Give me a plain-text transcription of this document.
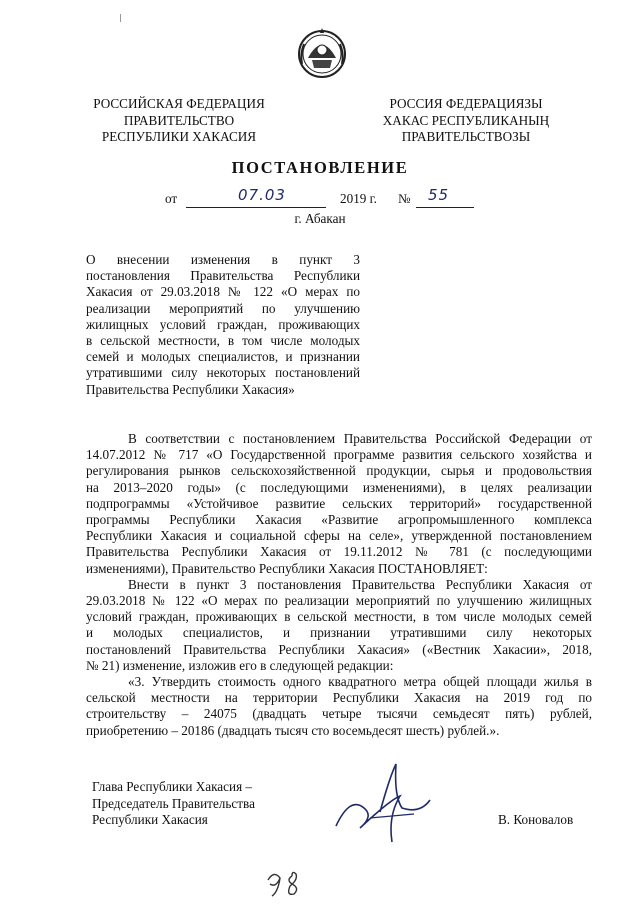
РОССИЙСКАЯ ФЕДЕРАЦИЯ
ПРАВИТЕЛЬСТВО
РЕСПУБЛИКИ ХАКАСИЯ
РОССИЯ ФЕДЕРАЦИЯЗЫ
ХАКАС РЕСПУБЛИКАНЫҢ
ПРАВИТЕЛЬСТВОЗЫ
ПОСТАНОВЛЕНИЕ
от	07.03	2019 г. № 55
г. Абакан
О внесении изменения в пункт 3
постановления Правительства Республики
Хакасия от 29.03.2018 № 122 «О мерах по
реализации мероприятий по улучшению
жилищных условий граждан, проживающих
в сельской местности, в том числе молодых
семей и молодых специалистов, и признании
утратившими силу некоторых постановлений
Правительства Республики Хакасия»
В соответствии с постановлением Правительства Российской Федерации от
14.07.2012 № 717 «О Государственной программе развития сельского хозяйства и
регулирования рынков сельскохозяйственной продукции, сырья и продовольствия
на 2013–2020 годы» (с последующими изменениями), в целях реализации
подпрограммы «Устойчивое развитие сельских территорий» государственной
программы Республики Хакасия «Развитие агропромышленного комплекса
Республики Хакасия и социальной сферы на селе», утвержденной постановлением
Правительства Республики Хакасия от 19.11.2012 № 781 (с последующими
изменениями), Правительство Республики Хакасия ПОСТАНОВЛЯЕТ:
Внести в пункт 3 постановления Правительства Республики Хакасия от
29.03.2018 № 122 «О мерах по реализации мероприятий по улучшению жилищных
условий граждан, проживающих в сельской местности, в том числе молодых семей
и молодых специалистов, и признании утратившими силу некоторых
постановлений Правительства Республики Хакасия» («Вестник Хакасии», 2018,
№ 21) изменение, изложив его в следующей редакции:
«3. Утвердить стоимость одного квадратного метра общей площади жилья в
сельской местности на территории Республики Хакасия на 2019 год по
строительству – 24075 (двадцать четыре тысячи семьдесят пять) рублей,
приобретению – 20186 (двадцать тысяч сто восемьдесят шесть) рублей.».
Глава Республики Хакасия –
Председатель Правительства
Республики Хакасия	В. Коновалов
